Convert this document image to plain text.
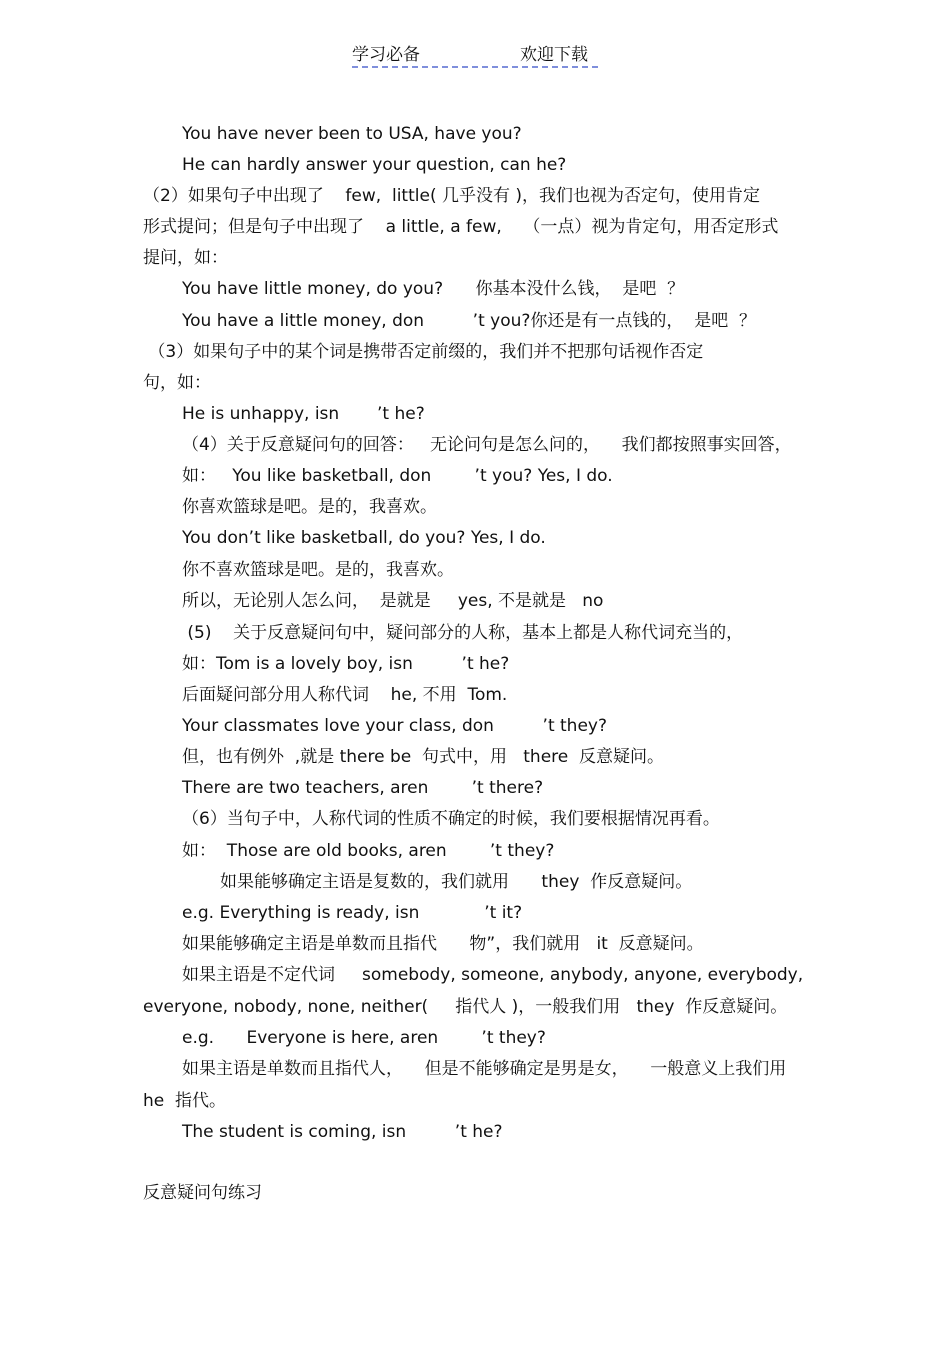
学习必备	欢迎下载
You have never been to USA, have you?
He can hardly answer your question, can he?
（2）如果句子中出现了    few,  little( 几乎没有 )，我们也视为否定句，使用肯定
形式提问；但是句子中出现了    a little, a few,    （一点）视为肯定句，用否定形式
提问，如：
You have little money, do you?      你基本没什么钱，  是吧  ？
You have a little money, don         ’t you?你还是有一点钱的，  是吧  ？
（3）如果句子中的某个词是携带否定前缀的，我们并不把那句话视作否定
句，如：
He is unhappy, isn       ’t he?
（4）关于反意疑问句的回答：   无论问句是怎么问的，    我们都按照事实回答，
如：   You like basketball, don        ’t you? Yes, I do.
你喜欢篮球是吧。是的，我喜欢。
You don’t like basketball, do you? Yes, I do.
你不喜欢篮球是吧。是的，我喜欢。
所以，无论别人怎么问，  是就是     yes, 不是就是   no
(5)    关于反意疑问句中，疑问部分的人称，基本上都是人称代词充当的，
如：Tom is a lovely boy, isn         ’t he?
后面疑问部分用人称代词    he, 不用  Tom.
Your classmates love your class, don         ’t they?
但，也有例外  ,就是 there be  句式中，用   there  反意疑问。
There are two teachers, aren        ’t there?
（6）当句子中，人称代词的性质不确定的时候，我们要根据情况再看。
如：  Those are old books, aren        ’t they?
如果能够确定主语是复数的，我们就用      they  作反意疑问。
e.g. Everything is ready, isn            ’t it?
如果能够确定主语是单数而且指代      物”，我们就用   it  反意疑问。
如果主语是不定代词     somebody, someone, anybody, anyone, everybody,
everyone, nobody, none, neither(     指代人 )，一般我们用   they  作反意疑问。
e.g.      Everyone is here, aren        ’t they?
如果主语是单数而且指代人，    但是不能够确定是男是女，    一般意义上我们用
he  指代。
The student is coming, isn         ’t he?
反意疑问句练习
